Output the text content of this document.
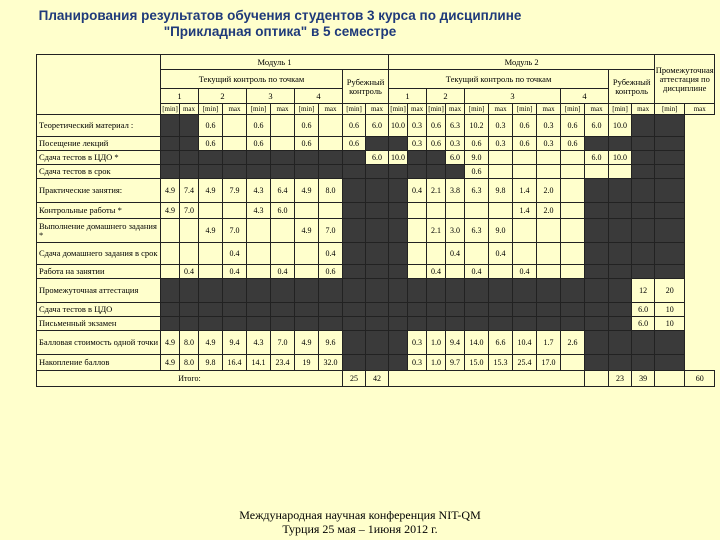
Планирования результатов обучения студентов 3 курса по дисциплине
"Прикладная оптика" в 5 семестре
	Модуль 1										Модуль 2												Промежуточная аттестация по дисциплине		
	Текущий контроль по точкам								Рубежный контроль		Текущий контроль по точкам										Рубежный контроль				
	1		2		3		4				1		2		3				4						
	[min]	max	[min]	max	[min]	max	[min]	max	[min]	max	[min]	max	[min]	max	[min]	max	[min]	max	[min]	max	[min]	max	[min]	max	
Теоретический материал :			0.6		0.6		0.6		0.6	6.0	10.0	0.3	0.6	6.3	10.2	0.3	0.6	0.3	0.6	6.0	10.0				
Посещение лекций			0.6		0.6		0.6		0.6			0.3	0.6	0.3	0.6	0.3	0.6	0.3	0.6						
Сдача тестов в ЦДО *										6.0	10.0			6.0	9.0					6.0	10.0				
Сдача тестов в срок															0.6										
Практические занятия:	4.9	7.4	4.9	7.9	4.3	6.4	4.9	8.0				0.4	2.1	3.8	6.3	9.8	1.4	2.0							
Контрольные работы *	4.9	7.0			4.3	6.0											1.4	2.0							
Выполнение домашнего задания *			4.9	7.0			4.9	7.0					2.1	3.0	6.3	9.0									
Сдача домашнего задания в срок				0.4				0.4						0.4		0.4									
Работа на занятии		0.4		0.4		0.4		0.6					0.4		0.4		0.4								
Промежуточная аттестация																						12	20		
Сдача тестов в ЦДО																						6.0	10		
Письменный экзамен																						6.0	10		
Балловая стоимость одной точки	4.9	8.0	4.9	9.4	4.3	7.0	4.9	9.6				0.3	1.0	9.4	14.0	6.6	10.4	1.7	2.6						
Накопление баллов	4.9	8.0	9.8	16.4	14.1	23.4	19	32.0				0.3	1.0	9.7	15.0	15.3	25.4	17.0							
Итого:									25	42											23	39		60	
Международная научная конференция NIT-QM
Турция 25 мая – 1июня 2012 г.
